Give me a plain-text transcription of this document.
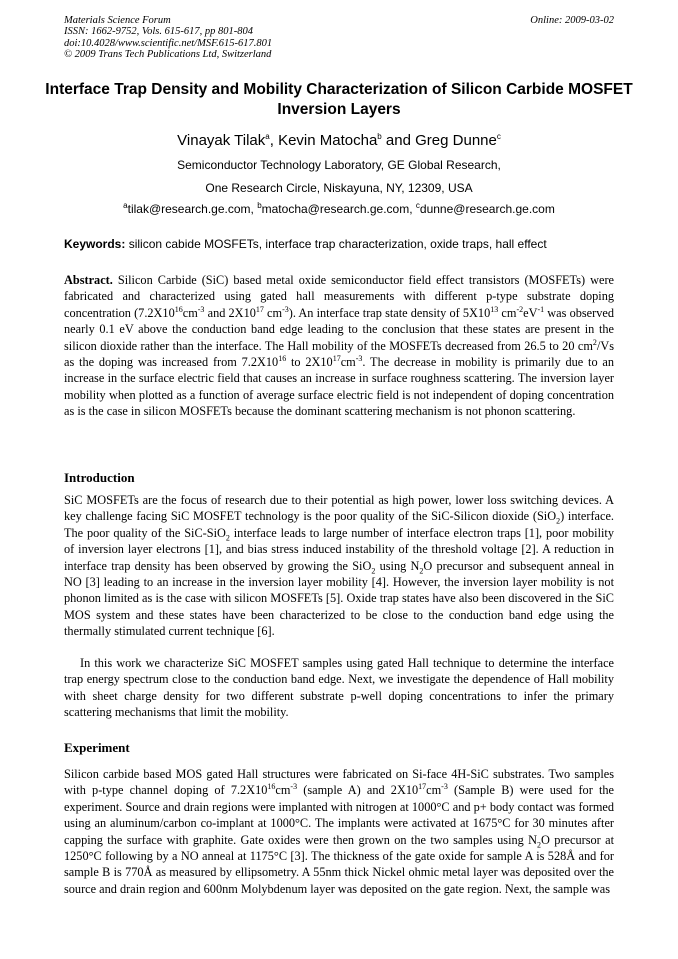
Materials Science Forum
ISSN: 1662-9752, Vols. 615-617, pp 801-804
doi:10.4028/www.scientific.net/MSF.615-617.801
© 2009 Trans Tech Publications Ltd, Switzerland
Online: 2009-03-02
Interface Trap Density and Mobility Characterization of Silicon Carbide MOSFET Inversion Layers
Vinayak Tilak$^a$, Kevin Matocha$^b$ and Greg Dunne$^c$
Semiconductor Technology Laboratory, GE Global Research,
One Research Circle, Niskayuna, NY, 12309, USA
$^a$tilak@research.ge.com, $^b$matocha@research.ge.com, $^c$dunne@research.ge.com
Keywords: silicon cabide MOSFETs, interface trap characterization, oxide traps, hall effect
Abstract. Silicon Carbide (SiC) based metal oxide semiconductor field effect transistors (MOSFETs) were fabricated and characterized using gated hall measurements with different p-type substrate doping concentration ($7.2X10^{16}cm^{-3}$ and $2X10^{17}$ $cm^{-3}$). An interface trap state density of $5X10^{13}$ $cm^{-2}eV^{-1}$ was observed nearly 0.1 eV above the conduction band edge leading to the conclusion that these states are present in the silicon dioxide rather than the interface. The Hall mobility of the MOSFETs decreased from 26.5 to 20 $cm^2/Vs$ as the doping was increased from $7.2X10^{16}$ to $2X10^{17}cm^{-3}$. The decrease in mobility is primarily due to an increase in the surface electric field that causes an increase in surface roughness scattering. The inversion layer mobility when plotted as a function of average surface electric field is not independent of doping concentration as is the case in silicon MOSFETs because the dominant scattering mechanism is not phonon scattering.
Introduction
SiC MOSFETs are the focus of research due to their potential as high power, lower loss switching devices. A key challenge facing SiC MOSFET technology is the poor quality of the SiC-Silicon dioxide (SiO$_2$) interface. The poor quality of the SiC-SiO$_2$ interface leads to large number of interface electron traps [1], poor mobility of inversion layer electrons [1], and bias stress induced instability of the threshold voltage [2]. A reduction in interface trap density has been observed by growing the SiO$_2$ using $N_2O$ precursor and subsequent anneal in NO [3] leading to an increase in the inversion layer mobility [4]. However, the inversion layer mobility is not phonon limited as is the case with silicon MOSFETs [5]. Oxide trap states have also been discovered in the SiC MOS system and these states have been characterized to be close to the conduction band edge using the thermally stimulated current technique [6].
In this work we characterize SiC MOSFET samples using gated Hall technique to determine the interface trap energy spectrum close to the conduction band edge. Next, we investigate the dependence of Hall mobility with sheet charge density for two different substrate p-well doping concentrations to infer the primary scattering mechanisms that limit the mobility.
Experiment
Silicon carbide based MOS gated Hall structures were fabricated on Si-face 4H-SiC substrates. Two samples with p-type channel doping of $7.2X10^{16}cm^{-3}$ (sample A) and $2X10^{17}cm^{-3}$ (Sample B) were used for the experiment. Source and drain regions were implanted with nitrogen at 1000°C and p+ body contact was formed using an aluminum/carbon co-implant at 1000°C. The implants were activated at 1675°C for 30 minutes after capping the surface with graphite. Gate oxides were then grown on the two samples using $N_2O$ precursor at 1250°C following by a NO anneal at 1175°C [3]. The thickness of the gate oxide for sample A is 528Å and for sample B is 770Å as measured by ellipsometry. A 55nm thick Nickel ohmic metal layer was deposited over the source and drain region and 600nm Molybdenum layer was deposited on the gate region. Next, the sample was
